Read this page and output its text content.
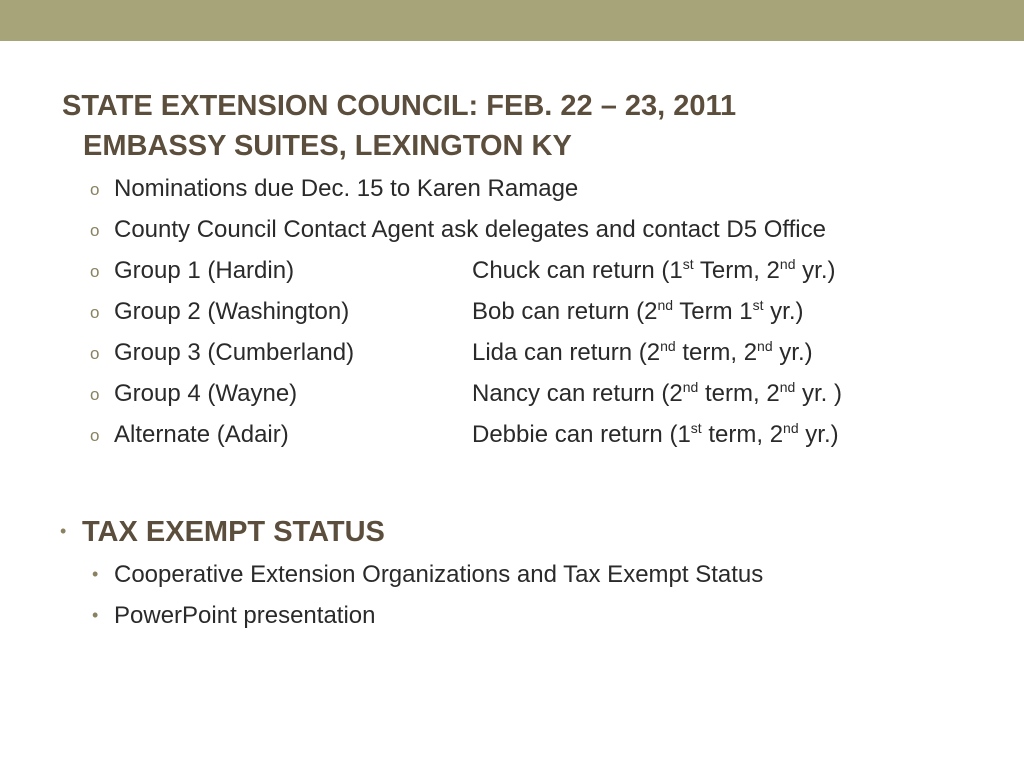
STATE EXTENSION COUNCIL: FEB. 22 – 23, 2011
EMBASSY SUITES, LEXINGTON KY
o Nominations due Dec. 15 to Karen Ramage
o County Council Contact Agent ask delegates and contact D5 Office
o Group 1 (Hardin)	Chuck can return (1st Term, 2nd yr.)
o Group 2 (Washington)	Bob can return (2nd Term 1st yr.)
o Group 3 (Cumberland)	Lida can return (2nd term, 2nd yr.)
o Group 4 (Wayne)	Nancy can return (2nd term, 2nd yr. )
o Alternate (Adair)	Debbie can return (1st term, 2nd yr.)
• TAX EXEMPT STATUS
• Cooperative Extension Organizations and Tax Exempt Status
• PowerPoint presentation
